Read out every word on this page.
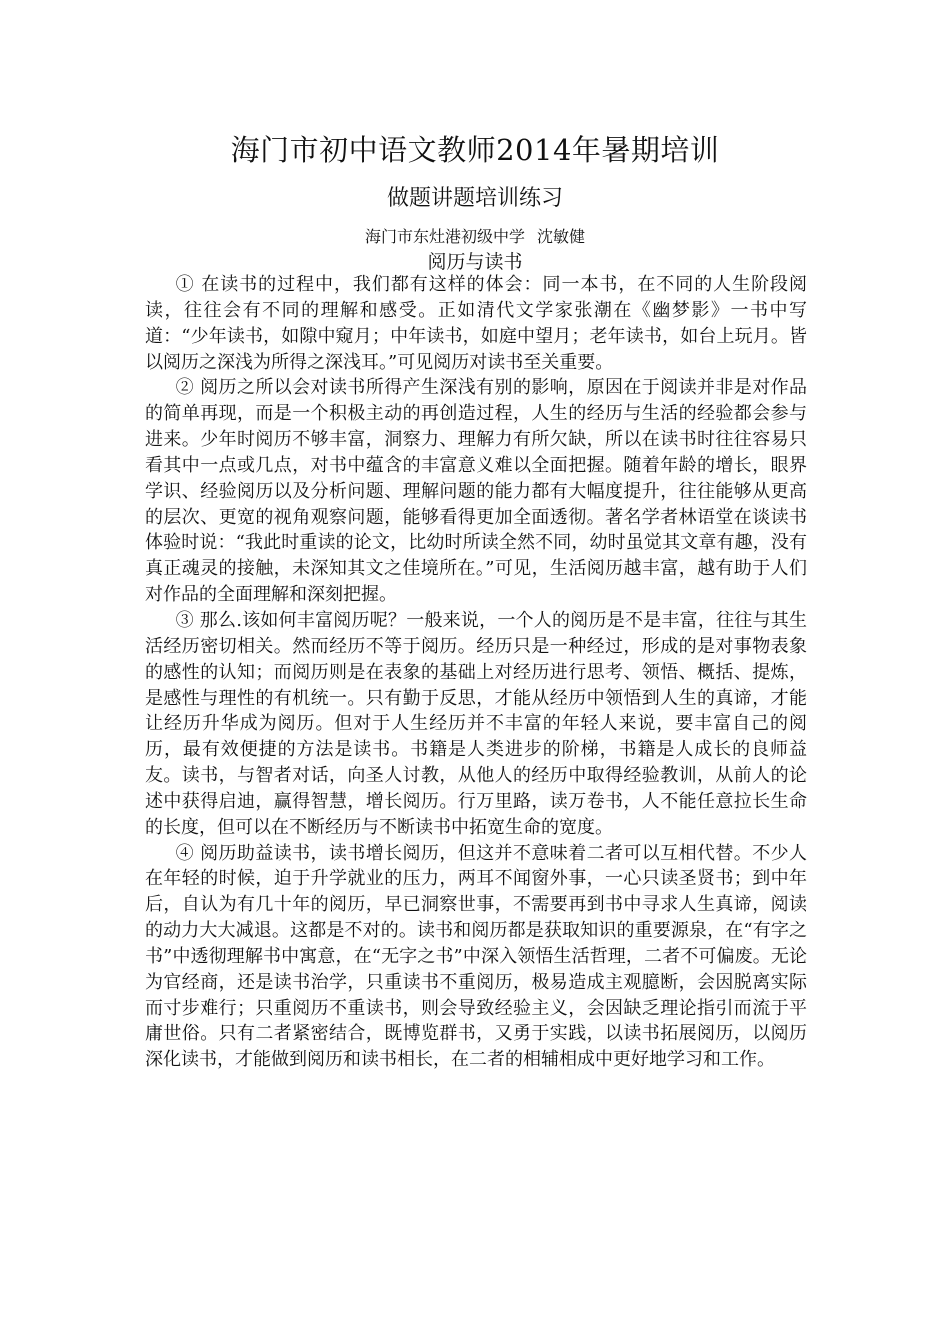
海门市初中语文教师2014年暑期培训
做题讲题培训练习
海门市东灶港初级中学 沈敏健
阅历与读书

① 在读书的过程中，我们都有这样的体会：同一本书，在不同的人生阶段阅读，往往会有不同的理解和感受。正如清代文学家张潮在《幽梦影》一书中写道：“少年读书，如隙中窥月；中年读书，如庭中望月；老年读书，如台上玩月。皆以阅历之深浅为所得之深浅耳。”可见阅历对读书至关重要。

② 阅历之所以会对读书所得产生深浅有别的影响，原因在于阅读并非是对作品的简单再现，而是一个积极主动的再创造过程，人生的经历与生活的经验都会参与进来。少年时阅历不够丰富，洞察力、理解力有所欠缺，所以在读书时往往容易只看其中一点或几点，对书中蕴含的丰富意义难以全面把握。随着年龄的增长，眼界学识、经验阅历以及分析问题、理解问题的能力都有大幅度提升，往往能够从更高的层次、更宽的视角观察问题，能够看得更加全面透彻。著名学者林语堂在谈读书体验时说：“我此时重读的论文，比幼时所读全然不同，幼时虽觉其文章有趣，没有真正魂灵的接触，未深知其文之佳境所在。”可见，生活阅历越丰富，越有助于人们对作品的全面理解和深刻把握。

③ 那么.该如何丰富阅历呢？一般来说，一个人的阅历是不是丰富，往往与其生活经历密切相关。然而经历不等于阅历。经历只是一种经过，形成的是对事物表象的感性的认知；而阅历则是在表象的基础上对经历进行思考、领悟、概括、提炼，是感性与理性的有机统一。只有勤于反思，才能从经历中领悟到人生的真谛，才能让经历升华成为阅历。但对于人生经历并不丰富的年轻人来说，要丰富自己的阅历，最有效便捷的方法是读书。书籍是人类进步的阶梯，书籍是人成长的良师益友。读书，与智者对话，向圣人讨教，从他人的经历中取得经验教训，从前人的论述中获得启迪，赢得智慧，增长阅历。行万里路，读万卷书，人不能任意拉长生命的长度，但可以在不断经历与不断读书中拓宽生命的宽度。

④ 阅历助益读书，读书增长阅历，但这并不意味着二者可以互相代替。不少人在年轻的时候，迫于升学就业的压力，两耳不闻窗外事，一心只读圣贤书；到中年后，自认为有几十年的阅历，早已洞察世事，不需要再到书中寻求人生真谛，阅读的动力大大减退。这都是不对的。读书和阅历都是获取知识的重要源泉，在“有字之书”中透彻理解书中寓意，在“无字之书”中深入领悟生活哲理，二者不可偏废。无论为官经商，还是读书治学，只重读书不重阅历，极易造成主观臆断，会因脱离实际而寸步难行；只重阅历不重读书，则会导致经验主义，会因缺乏理论指引而流于平庸世俗。只有二者紧密结合，既博览群书，又勇于实践，以读书拓展阅历，以阅历深化读书，才能做到阅历和读书相长，在二者的相辅相成中更好地学习和工作。
